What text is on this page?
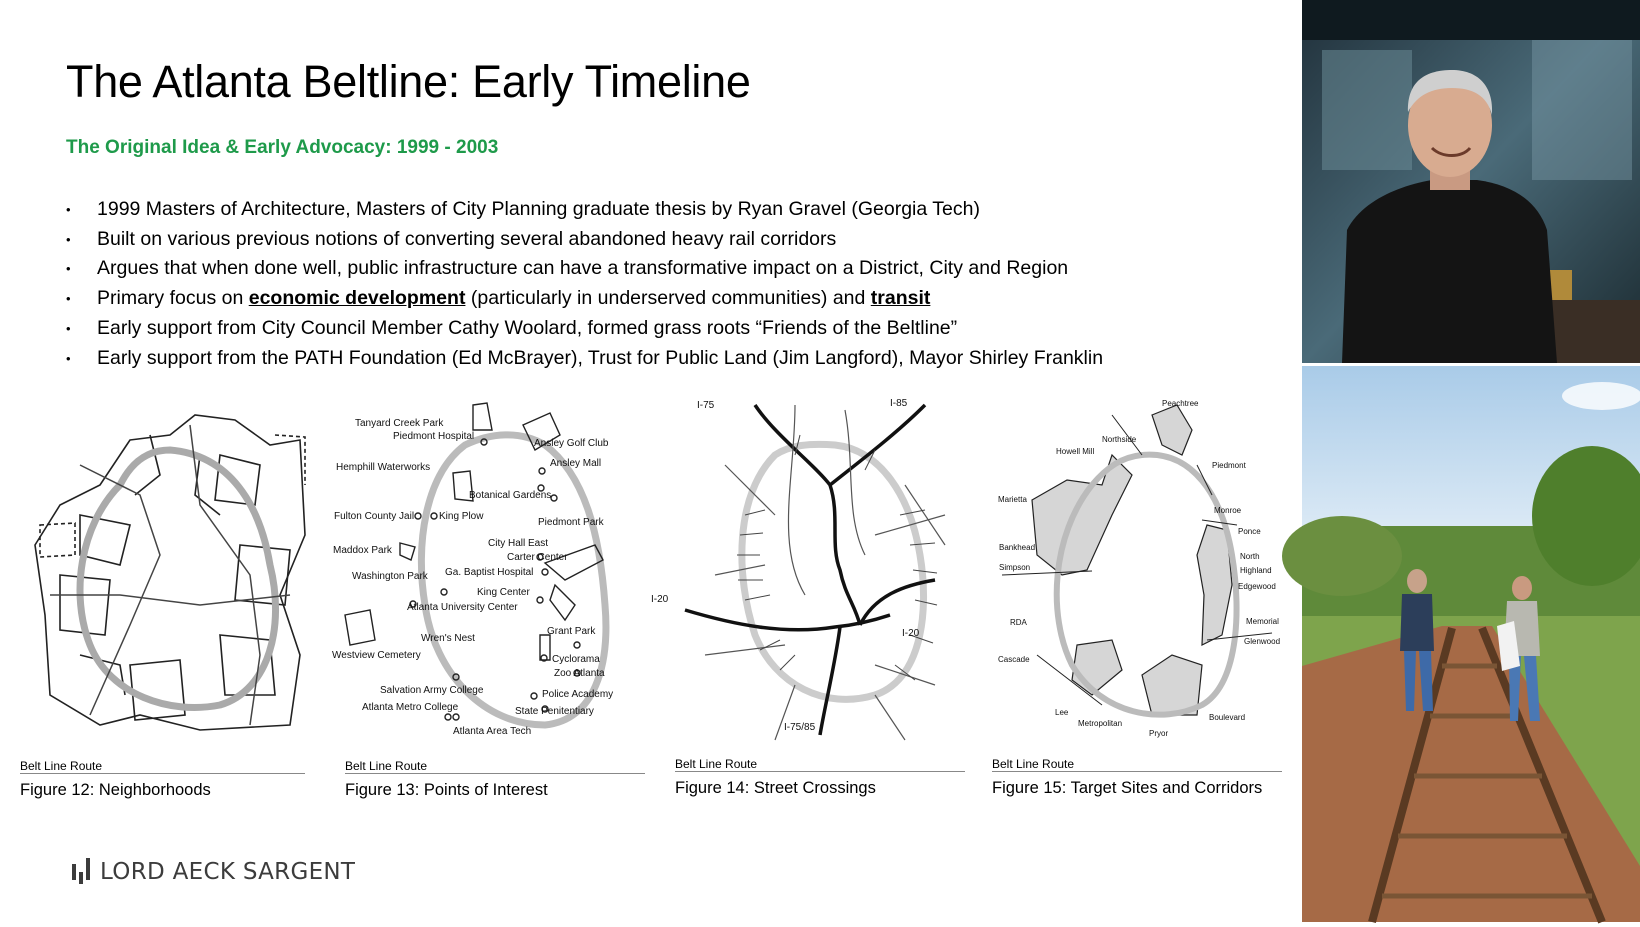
The Atlanta Beltline: Early Timeline
The Original Idea & Early Advocacy: 1999 - 2003
• 1999 Masters of Architecture, Masters of City Planning graduate thesis by Ryan Gravel (Georgia Tech)
• Built on various previous notions of converting several abandoned heavy rail corridors
• Argues that when done well, public infrastructure can have a transformative impact on a District, City and Region
• Primary focus on economic development (particularly in underserved communities) and transit
• Early support from City Council Member Cathy Woolard, formed grass roots “Friends of the Beltline”
• Early support from the PATH Foundation (Ed McBrayer), Trust for Public Land (Jim Langford), Mayor Shirley Franklin
Belt Line Route
Figure 12: Neighborhoods
Tanyard Creek Park
Piedmont Hospital
Ansley Golf Club
Ansley Mall
Hemphill Waterworks
Botanical Gardens
Fulton County Jail King Plow
Piedmont Park
City Hall East
Carter Center
Maddox Park
Ga. Baptist Hospital
Washington Park
King Center
Atlanta University Center
Wren's Nest
Grant Park
Westview Cemetery	Cyclorama
Zoo Atlanta
Salvation Army College	Police Academy
Atlanta Metro College	State Penitentiary
Atlanta Area Tech
Belt Line Route
Figure 13: Points of Interest
I-75	I-85
I-20
I-20
I-75/85
Belt Line Route
Figure 14: Street Crossings
Peachtree
Northside
Howell Mill
Piedmont
Marietta
Monroe
Ponce
North
Highland
Bankhead
Simpson
Edgewood
RDA	Memorial
Glenwood
Cascade
Lee
Metropolitan
Pryor
Boulevard
Belt Line Route
Figure 15: Target Sites and Corridors
LORD AECK SARGENT
